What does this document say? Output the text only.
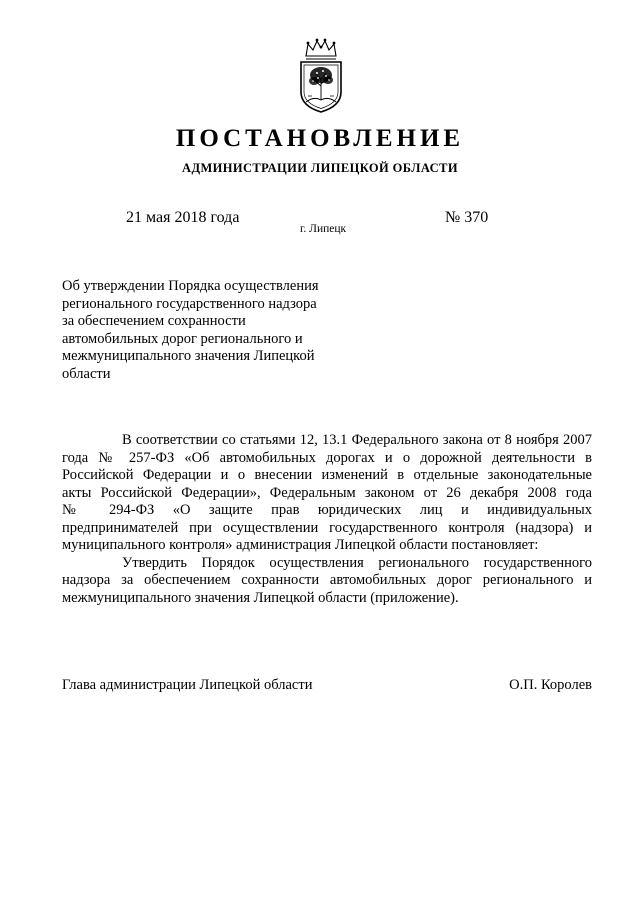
ПОСТАНОВЛЕНИЕ
АДМИНИСТРАЦИИ ЛИПЕЦКОЙ ОБЛАСТИ
21 мая 2018 года
г. Липецк
№ 370
Об утверждении Порядка осуществления
регионального государственного надзора
за обеспечением сохранности
автомобильных дорог регионального и
межмуниципального значения Липецкой
области
В соответствии со статьями 12, 13.1 Федерального закона от 8 ноября 2007
года № 257-ФЗ «Об автомобильных дорогах и о дорожной деятельности в
Российской Федерации и о внесении изменений в отдельные законодательные
акты Российской Федерации», Федеральным законом от 26 декабря 2008 года
№ 294-ФЗ «О защите прав юридических лиц и индивидуальных
предпринимателей при осуществлении государственного контроля (надзора) и
муниципального контроля» администрация Липецкой области постановляет:
Утвердить Порядок осуществления регионального государственного
надзора за обеспечением сохранности автомобильных дорог регионального и
межмуниципального значения Липецкой области (приложение).
Глава администрации Липецкой области	О.П. Королев
